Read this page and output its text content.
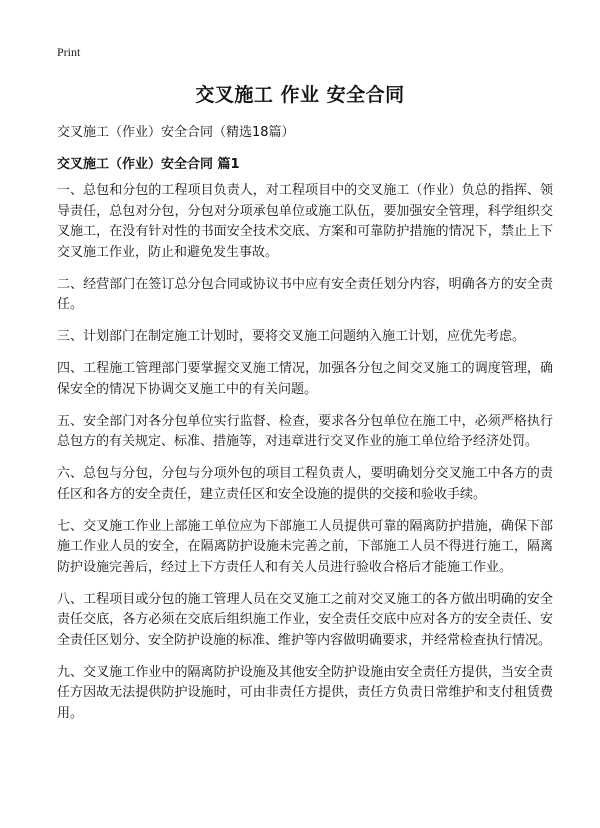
Print
交叉施工 作业 安全合同
交叉施工（作业）安全合同（精选18篇）
交叉施工（作业）安全合同 篇1

一、总包和分包的工程项目负责人，对工程项目中的交叉施工（作业）负总的指挥、领导责任，总包对分包，分包对分项承包单位或施工队伍，要加强安全管理，科学组织交叉施工，在没有针对性的书面安全技术交底、方案和可靠防护措施的情况下，禁止上下交叉施工作业，防止和避免发生事故。

二、经营部门在签订总分包合同或协议书中应有安全责任划分内容，明确各方的安全责任。

三、计划部门在制定施工计划时，要将交叉施工问题纳入施工计划，应优先考虑。

四、工程施工管理部门要掌握交叉施工情况，加强各分包之间交叉施工的调度管理，确保安全的情况下协调交叉施工中的有关问题。

五、安全部门对各分包单位实行监督、检查，要求各分包单位在施工中，必须严格执行总包方的有关规定、标准、措施等，对违章进行交叉作业的施工单位给予经济处罚。

六、总包与分包，分包与分项外包的项目工程负责人，要明确划分交叉施工中各方的责任区和各方的安全责任，建立责任区和安全设施的提供的交接和验收手续。

七、交叉施工作业上部施工单位应为下部施工人员提供可靠的隔离防护措施，确保下部施工作业人员的安全，在隔离防护设施未完善之前，下部施工人员不得进行施工，隔离防护设施完善后，经过上下方责任人和有关人员进行验收合格后才能施工作业。

八、工程项目或分包的施工管理人员在交叉施工之前对交叉施工的各方做出明确的安全责任交底，各方必须在交底后组织施工作业，安全责任交底中应对各方的安全责任、安全责任区划分、安全防护设施的标准、维护等内容做明确要求，并经常检查执行情况。

九、交叉施工作业中的隔离防护设施及其他安全防护设施由安全责任方提供，当安全责任方因故无法提供防护设施时，可由非责任方提供，责任方负责日常维护和支付租赁费用。
